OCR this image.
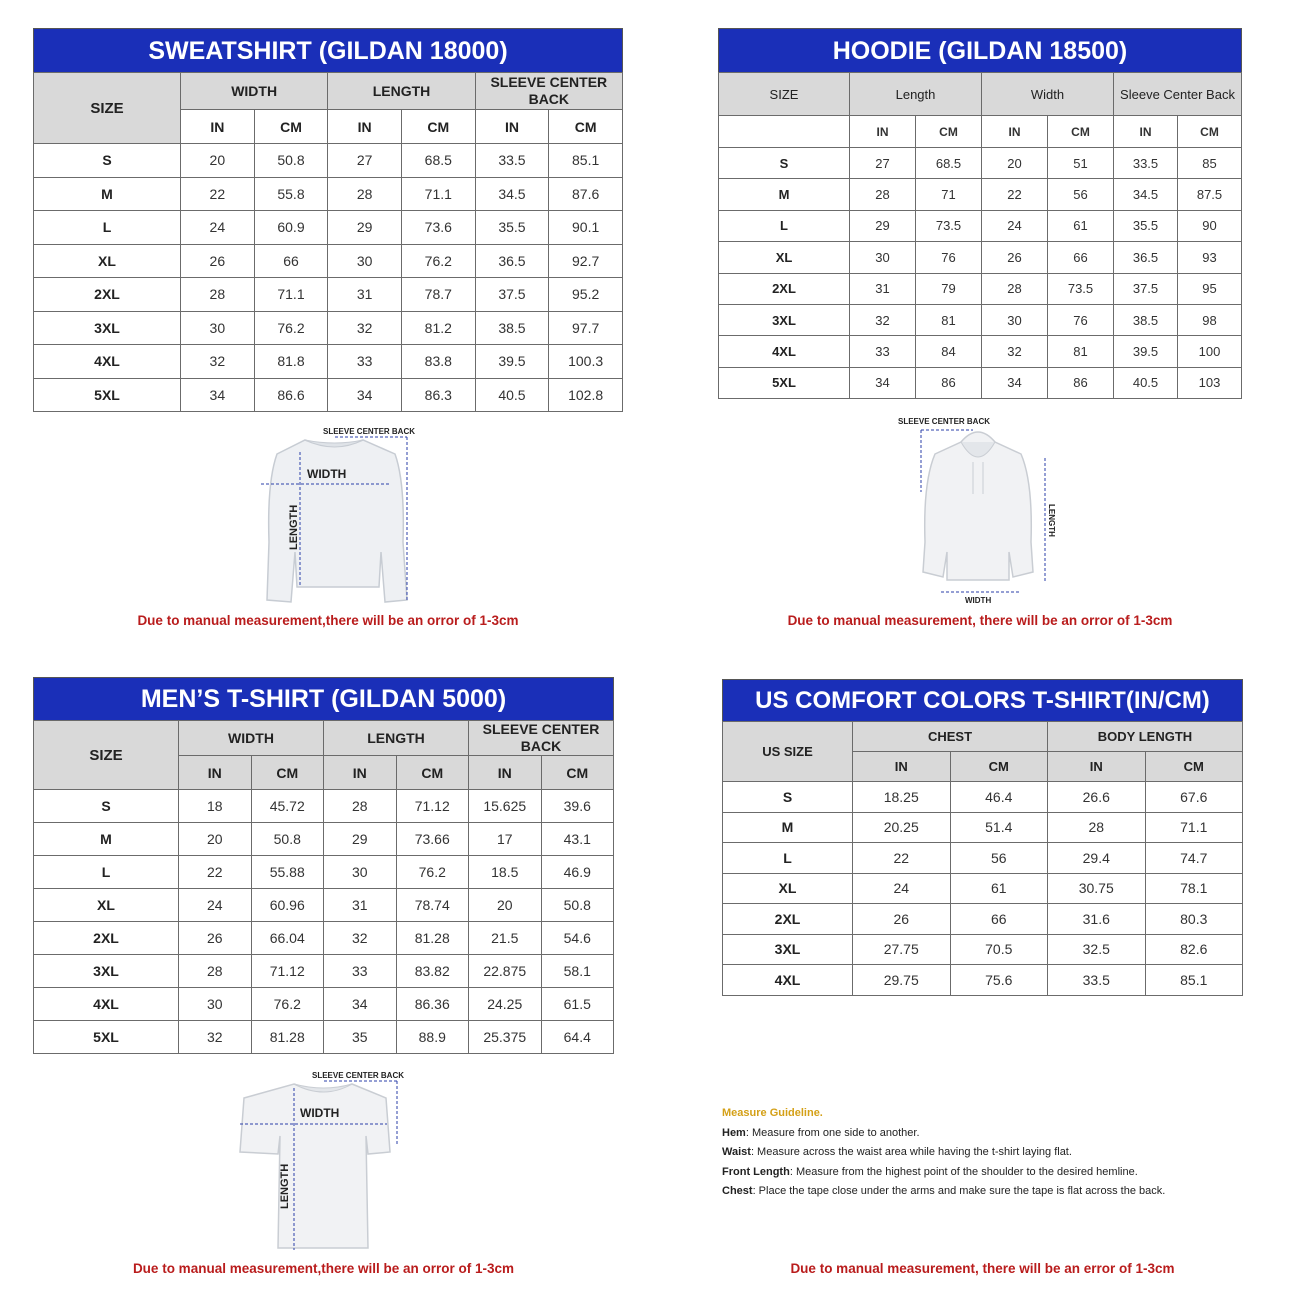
SWEATSHIRT (GILDAN 18000)
SIZE	WIDTH		LENGTH		SLEEVE CENTER BACK	
	IN	CM	IN	CM	IN	CM
S	20	50.8	27	68.5	33.5	85.1
M	22	55.8	28	71.1	34.5	87.6
L	24	60.9	29	73.6	35.5	90.1
XL	26	66	30	76.2	36.5	92.7
2XL	28	71.1	31	78.7	37.5	95.2
3XL	30	76.2	32	81.2	38.5	97.7
4XL	32	81.8	33	83.8	39.5	100.3
5XL	34	86.6	34	86.3	40.5	102.8
SLEEVE CENTER BACK
WIDTH
LENGTH
Due to manual measurement,there will be an orror of 1-3cm
HOODIE (GILDAN 18500)
SIZE	Length		Width		Sleeve Center Back	
	IN	CM	IN	CM	IN	CM
S	27	68.5	20	51	33.5	85
M	28	71	22	56	34.5	87.5
L	29	73.5	24	61	35.5	90
XL	30	76	26	66	36.5	93
2XL	31	79	28	73.5	37.5	95
3XL	32	81	30	76	38.5	98
4XL	33	84	32	81	39.5	100
5XL	34	86	34	86	40.5	103
SLEEVE CENTER BACK
LENGTH
WIDTH
Due to manual measurement, there will be an orror of 1-3cm
MEN’S T-SHIRT (GILDAN 5000)
SIZE	WIDTH		LENGTH		SLEEVE CENTER BACK	
	IN	CM	IN	CM	IN	CM
S	18	45.72	28	71.12	15.625	39.6
M	20	50.8	29	73.66	17	43.1
L	22	55.88	30	76.2	18.5	46.9
XL	24	60.96	31	78.74	20	50.8
2XL	26	66.04	32	81.28	21.5	54.6
3XL	28	71.12	33	83.82	22.875	58.1
4XL	30	76.2	34	86.36	24.25	61.5
5XL	32	81.28	35	88.9	25.375	64.4
SLEEVE CENTER BACK
WIDTH
LENGTH
Due to manual measurement,there will be an orror of 1-3cm
US COMFORT COLORS T-SHIRT(IN/CM)
US SIZE	CHEST		BODY LENGTH	
	IN	CM	IN	CM
S	18.25	46.4	26.6	67.6
M	20.25	51.4	28	71.1
L	22	56	29.4	74.7
XL	24	61	30.75	78.1
2XL	26	66	31.6	80.3
3XL	27.75	70.5	32.5	82.6
4XL	29.75	75.6	33.5	85.1
Measure Guideline.
Hem: Measure from one side to another.
Waist: Measure across the waist area while having the t-shirt laying flat.
Front Length: Measure from the highest point of the shoulder to the desired hemline.
Chest: Place the tape close under the arms and make sure the tape is flat across the back.
Due to manual measurement, there will be an error of 1-3cm
